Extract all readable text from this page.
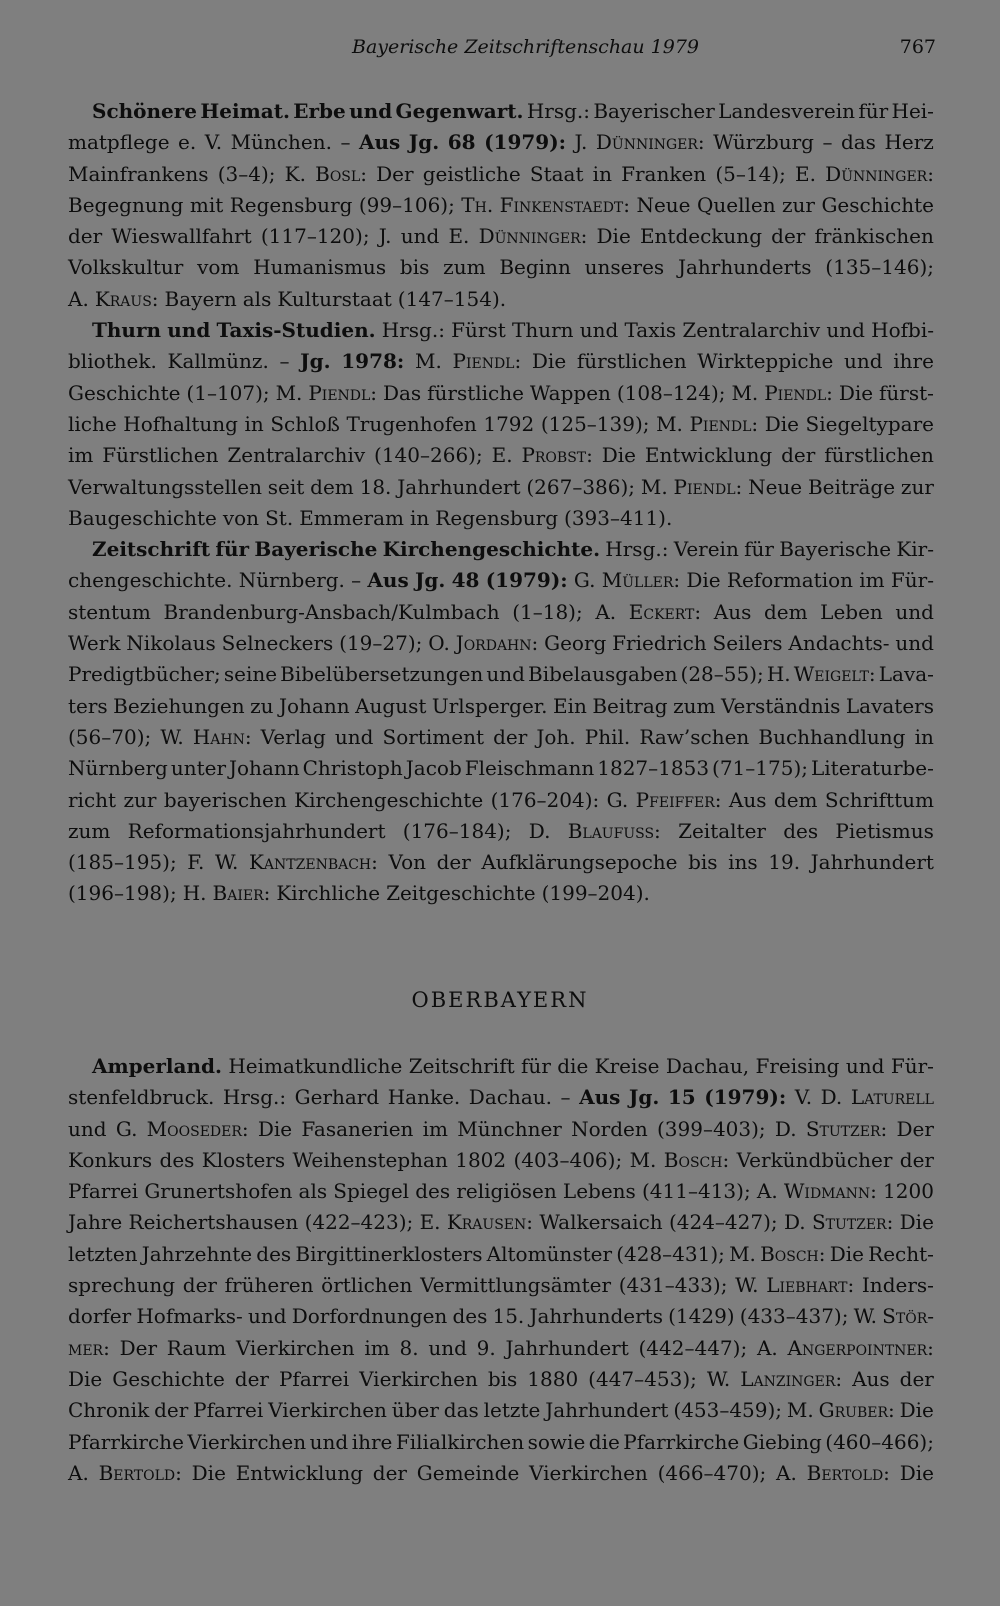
Bayerische Zeitschriftenschau 1979	767
Schönere Heimat. Erbe und Gegenwart. Hrsg.: Bayerischer Landesverein für Hei-
matpflege e. V. München. – Aus Jg. 68 (1979): J. Dünninger: Würzburg – das Herz
Mainfrankens (3–4); K. Bosl: Der geistliche Staat in Franken (5–14); E. Dünninger:
Begegnung mit Regensburg (99–106); Th. Finkenstaedt: Neue Quellen zur Geschichte
der Wieswallfahrt (117–120); J. und E. Dünninger: Die Entdeckung der fränkischen
Volkskultur vom Humanismus bis zum Beginn unseres Jahrhunderts (135–146);
A. Kraus: Bayern als Kulturstaat (147–154).
Thurn und Taxis-Studien. Hrsg.: Fürst Thurn und Taxis Zentralarchiv und Hofbi-
bliothek. Kallmünz. – Jg. 1978: M. Piendl: Die fürstlichen Wirkteppiche und ihre
Geschichte (1–107); M. Piendl: Das fürstliche Wappen (108–124); M. Piendl: Die fürst-
liche Hofhaltung in Schloß Trugenhofen 1792 (125–139); M. Piendl: Die Siegeltypare
im Fürstlichen Zentralarchiv (140–266); E. Probst: Die Entwicklung der fürstlichen
Verwaltungsstellen seit dem 18. Jahrhundert (267–386); M. Piendl: Neue Beiträge zur
Baugeschichte von St. Emmeram in Regensburg (393–411).
Zeitschrift für Bayerische Kirchengeschichte. Hrsg.: Verein für Bayerische Kir-
chengeschichte. Nürnberg. – Aus Jg. 48 (1979): G. Müller: Die Reformation im Für-
stentum Brandenburg-Ansbach/Kulmbach (1–18); A. Eckert: Aus dem Leben und
Werk Nikolaus Selneckers (19–27); O. Jordahn: Georg Friedrich Seilers Andachts- und
Predigtbücher; seine Bibelübersetzungen und Bibelausgaben (28–55); H. Weigelt: Lava-
ters Beziehungen zu Johann August Urlsperger. Ein Beitrag zum Verständnis Lavaters
(56–70); W. Hahn: Verlag und Sortiment der Joh. Phil. Raw’schen Buchhandlung in
Nürnberg unter Johann Christoph Jacob Fleischmann 1827–1853 (71–175); Literaturbe-
richt zur bayerischen Kirchengeschichte (176–204): G. Pfeiffer: Aus dem Schrifttum
zum Reformationsjahrhundert (176–184); D. Blaufuss: Zeitalter des Pietismus
(185–195); F. W. Kantzenbach: Von der Aufklärungsepoche bis ins 19. Jahrhundert
(196–198); H. Baier: Kirchliche Zeitgeschichte (199–204).
OBERBAYERN
Amperland. Heimatkundliche Zeitschrift für die Kreise Dachau, Freising und Für-
stenfeldbruck. Hrsg.: Gerhard Hanke. Dachau. – Aus Jg. 15 (1979): V. D. Laturell
und G. Mooseder: Die Fasanerien im Münchner Norden (399–403); D. Stutzer: Der
Konkurs des Klosters Weihenstephan 1802 (403–406); M. Bosch: Verkündbücher der
Pfarrei Grunertshofen als Spiegel des religiösen Lebens (411–413); A. Widmann: 1200
Jahre Reichertshausen (422–423); E. Krausen: Walkersaich (424–427); D. Stutzer: Die
letzten Jahrzehnte des Birgittinerklosters Altomünster (428–431); M. Bosch: Die Recht-
sprechung der früheren örtlichen Vermittlungsämter (431–433); W. Liebhart: Inders-
dorfer Hofmarks- und Dorfordnungen des 15. Jahrhunderts (1429) (433–437); W. Stör-
mer: Der Raum Vierkirchen im 8. und 9. Jahrhundert (442–447); A. Angerpointner:
Die Geschichte der Pfarrei Vierkirchen bis 1880 (447–453); W. Lanzinger: Aus der
Chronik der Pfarrei Vierkirchen über das letzte Jahrhundert (453–459); M. Gruber: Die
Pfarrkirche Vierkirchen und ihre Filialkirchen sowie die Pfarrkirche Giebing (460–466);
A. Bertold: Die Entwicklung der Gemeinde Vierkirchen (466–470); A. Bertold: Die
